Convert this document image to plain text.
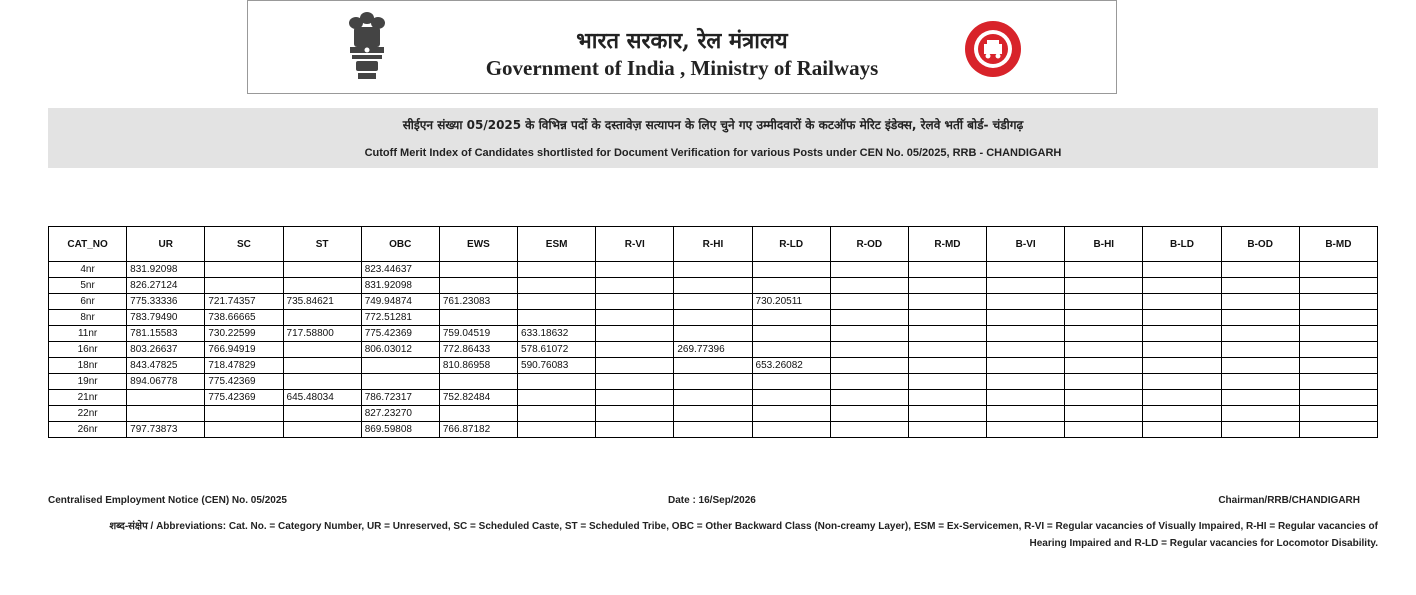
भारत सरकार, रेल मंत्रालय
Government of India , Ministry of Railways
सीईएन संख्या 05/2025 के विभिन्न पदों के दस्तावेज़ सत्यापन के लिए चुने गए उम्मीदवारों के कटऑफ मेरिट इंडेक्स, रेलवे भर्ती बोर्ड- चंडीगढ़
Cutoff Merit Index of Candidates shortlisted for Document Verification for various Posts under CEN No. 05/2025, RRB - CHANDIGARH
CAT_NO	UR	SC	ST	OBC	EWS	ESM	R-VI	R-HI	R-LD	R-OD	R-MD	B-VI	B-HI	B-LD	B-OD	B-MD
4nr	831.92098			823.44637												
5nr	826.27124			831.92098												
6nr	775.33336	721.74357	735.84621	749.94874	761.23083				730.20511							
8nr	783.79490	738.66665		772.51281												
11nr	781.15583	730.22599	717.58800	775.42369	759.04519	633.18632										
16nr	803.26637	766.94919		806.03012	772.86433	578.61072		269.77396								
18nr	843.47825	718.47829			810.86958	590.76083			653.26082							
19nr	894.06778	775.42369														
21nr		775.42369	645.48034	786.72317	752.82484											
22nr				827.23270												
26nr	797.73873			869.59808	766.87182											
Centralised Employment Notice (CEN) No. 05/2025	Date : 16/Sep/2026	Chairman/RRB/CHANDIGARH
शब्द-संक्षेप / Abbreviations: Cat. No. = Category Number, UR = Unreserved, SC = Scheduled Caste, ST = Scheduled Tribe, OBC = Other Backward Class (Non-creamy Layer), ESM = Ex-Servicemen, R-VI = Regular vacancies of Visually Impaired, R-HI = Regular vacancies of
Hearing Impaired and R-LD = Regular vacancies for Locomotor Disability.
